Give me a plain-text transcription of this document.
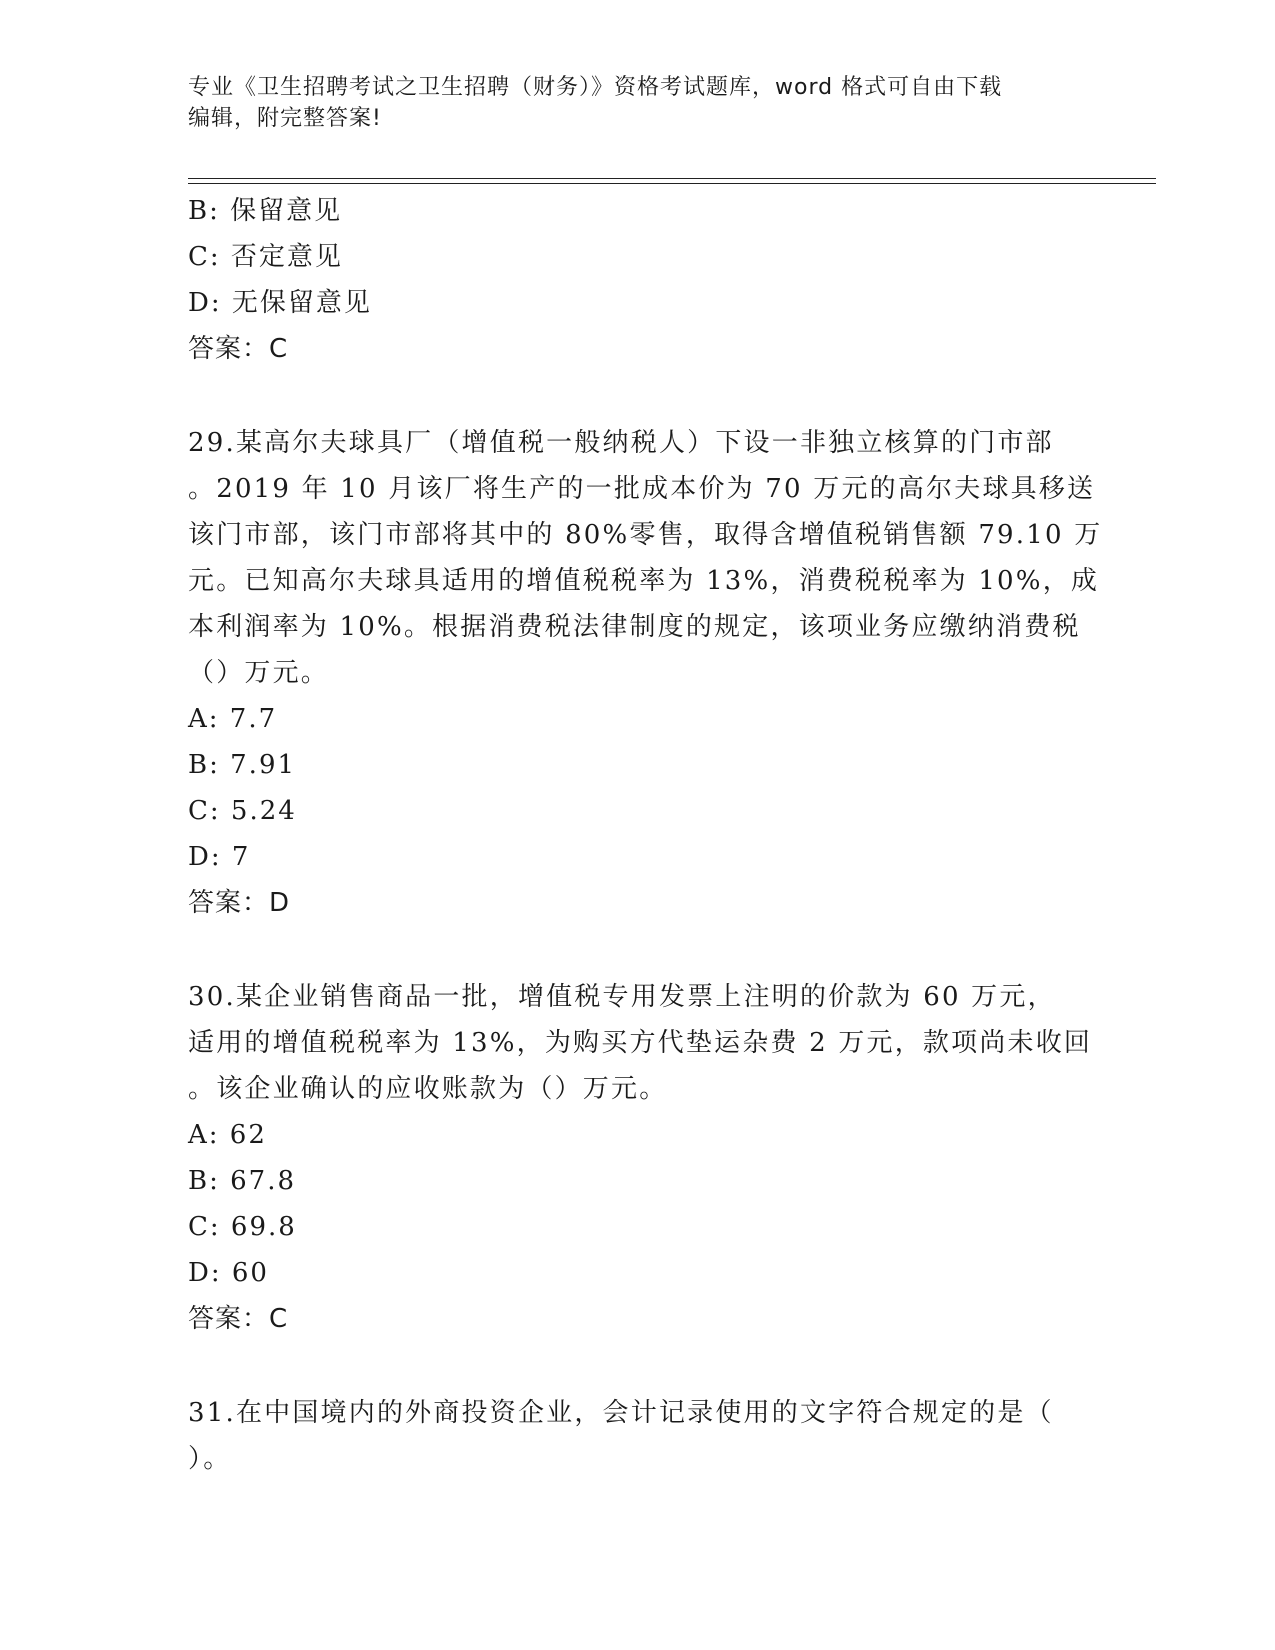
专业《卫生招聘考试之卫生招聘（财务）》资格考试题库，word 格式可自由下载
编辑，附完整答案!
B: 保留意见
C: 否定意见
D: 无保留意见
答案：C
29.某高尔夫球具厂（增值税一般纳税人）下设一非独立核算的门市部
。2019 年 10 月该厂将生产的一批成本价为 70 万元的高尔夫球具移送
该门市部，该门市部将其中的 80%零售，取得含增值税销售额 79.10 万
元。已知高尔夫球具适用的增值税税率为 13%，消费税税率为 10%，成
本利润率为 10%。根据消费税法律制度的规定，该项业务应缴纳消费税
（）万元。
A: 7.7
B: 7.91
C: 5.24
D: 7
答案：D
30.某企业销售商品一批，增值税专用发票上注明的价款为 60 万元，
适用的增值税税率为 13%，为购买方代垫运杂费 2 万元，款项尚未收回
。该企业确认的应收账款为（）万元。
A: 62
B: 67.8
C: 69.8
D: 60
答案：C
31.在中国境内的外商投资企业，会计记录使用的文字符合规定的是（
）。
